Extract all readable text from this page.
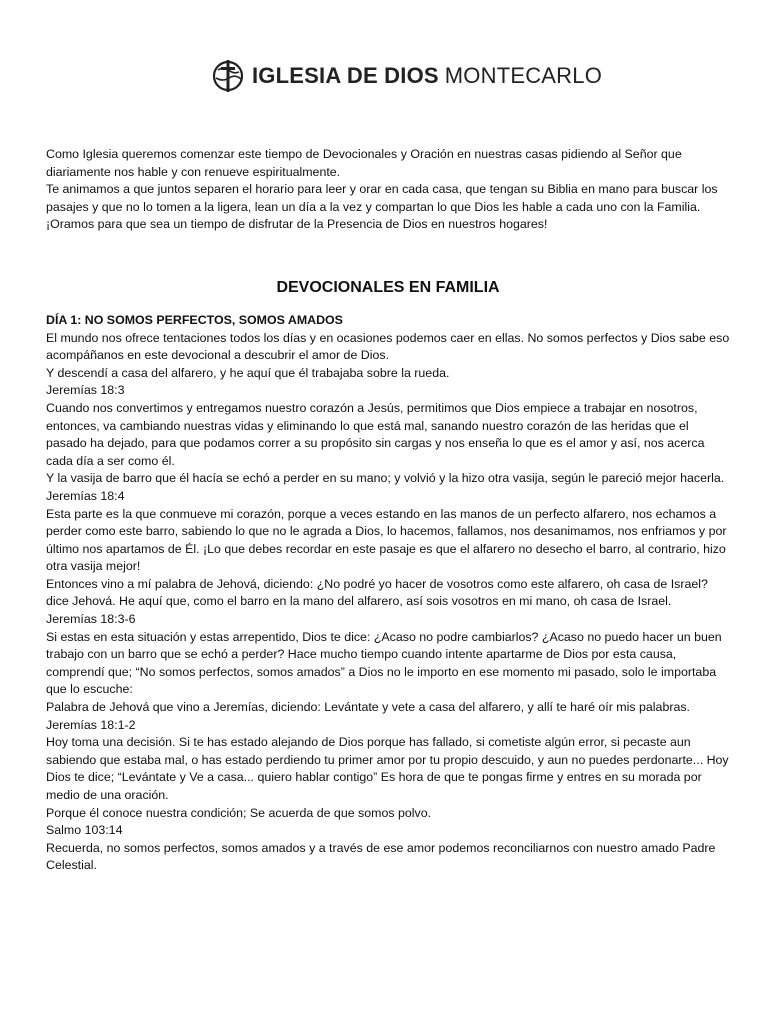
IGLESIA DE DIOS MONTECARLO

Como Iglesia queremos comenzar este tiempo de Devocionales y Oración en nuestras casas pidiendo al Señor que diariamente nos hable y con renueve espiritualmente.

Te animamos a que juntos separen el horario para leer y orar en cada casa, que tengan su Biblia en mano para buscar los pasajes y que no lo tomen a la ligera, lean un día a la vez y compartan lo que Dios les hable a cada uno con la Familia.

¡Oramos para que sea un tiempo de disfrutar de la Presencia de Dios en nuestros hogares!

DEVOCIONALES EN FAMILIA

DÍA 1: NO SOMOS PERFECTOS, SOMOS AMADOS

El mundo nos ofrece tentaciones todos los días y en ocasiones podemos caer en ellas. No somos perfectos y Dios sabe eso acompáñanos en este devocional a descubrir el amor de Dios.

Y descendí a casa del alfarero, y he aquí que él trabajaba sobre la rueda.

Jeremías 18:3

Cuando nos convertimos y entregamos nuestro corazón a Jesús, permitimos que Dios empiece a trabajar en nosotros, entonces, va cambiando nuestras vidas y eliminando lo que está mal, sanando nuestro corazón de las heridas que el pasado ha dejado, para que podamos correr a su propósito sin cargas y nos enseña lo que es el amor y así, nos acerca cada día a ser como él.

Y la vasija de barro que él hacía se echó a perder en su mano; y volvió y la hizo otra vasija, según le pareció mejor hacerla.

Jeremías 18:4

Esta parte es la que conmueve mi corazón, porque a veces estando en las manos de un perfecto alfarero, nos echamos a perder como este barro, sabiendo lo que no le agrada a Dios, lo hacemos, fallamos, nos desanimamos, nos enfriamos y por último nos apartamos de Él. ¡Lo que debes recordar en este pasaje es que el alfarero no desecho el barro, al contrario, hizo otra vasija mejor!

Entonces vino a mí palabra de Jehová, diciendo: ¿No podré yo hacer de vosotros como este alfarero, oh casa de Israel? dice Jehová. He aquí que, como el barro en la mano del alfarero, así sois vosotros en mi mano, oh casa de Israel.

Jeremías 18:3-6

Si estas en esta situación y estas arrepentido, Dios te dice: ¿Acaso no podre cambiarlos? ¿Acaso no puedo hacer un buen trabajo con un barro que se echó a perder? Hace mucho tiempo cuando intente apartarme de Dios por esta causa, comprendí que; “No somos perfectos, somos amados” a Dios no le importo en ese momento mi pasado, solo le importaba que lo escuche:

Palabra de Jehová que vino a Jeremías, diciendo: Levántate y vete a casa del alfarero, y allí te haré oír mis palabras.

Jeremías 18:1-2

Hoy toma una decisión. Si te has estado alejando de Dios porque has fallado, si cometiste algún error, si pecaste aun sabiendo que estaba mal, o has estado perdiendo tu primer amor por tu propio descuido, y aun no puedes perdonarte... Hoy Dios te dice; “Levántate y Ve a casa... quiero hablar contigo” Es hora de que te pongas firme y entres en su morada por medio de una oración.

Porque él conoce nuestra condición; Se acuerda de que somos polvo.

Salmo 103:14

Recuerda, no somos perfectos, somos amados y a través de ese amor podemos reconciliarnos con nuestro amado Padre Celestial.
